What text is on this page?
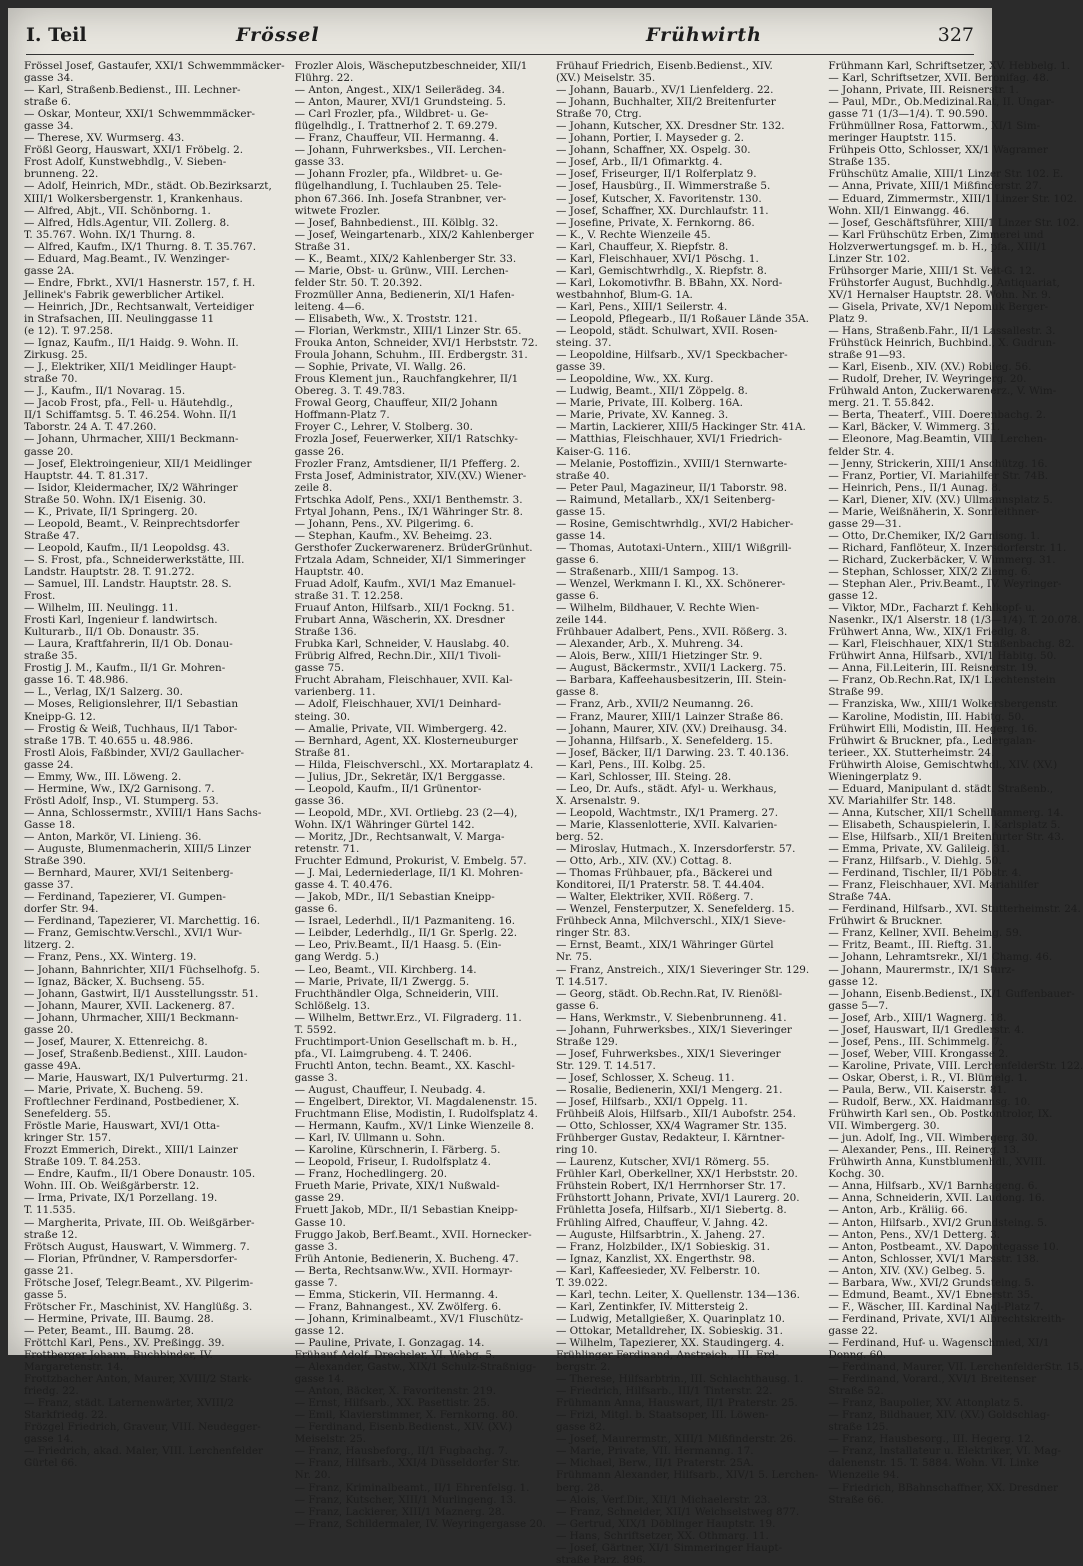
I. Teil	Frössel	Frühwirth	327
Frössel Josef, Gastaufer, XXI/1 Schwemmmäcker-
gasse 34.
— Karl, Straßenb.Bedienst., III. Lechner-
straße 6.
— Oskar, Monteur, XXI/1 Schwemmmäcker-
gasse 34.
— Therese, XV. Wurmserg. 43.
Frößl Georg, Hauswart, XXI/1 Fröbelg. 2.
Frost Adolf, Kunstwebhdlg., V. Sieben-
brunneng. 22.
— Adolf, Heinrich, MDr., städt. Ob.Bezirksarzt,
XIII/1 Wolkersbergenstr. 1, Krankenhaus.
— Alfred, Abjt., VII. Schönborng. 1.
— Alfred, Hdls.Agentur, VII. Zollerg. 8.
T. 35.767. Wohn. IX/1 Thurng. 8.
— Alfred, Kaufm., IX/1 Thurng. 8. T. 35.767.
— Eduard, Mag.Beamt., IV. Wenzinger-
gasse 2A.
— Endre, Fbrkt., XVI/1 Hasnerstr. 157, f. H.
Jellinek's Fabrik gewerblicher Artikel.
— Heinrich, JDr., Rechtsanwalt, Verteidiger
in Strafsachen, III. Neulinggasse 11
(e 12). T. 97.258.
— Ignaz, Kaufm., II/1 Haidg. 9. Wohn. II.
Zirkusg. 25.
— J., Elektriker, XII/1 Meidlinger Haupt-
straße 70.
— J., Kaufm., II/1 Novarag. 15.
— Jacob Frost, pfa., Fell- u. Häutehdlg.,
II/1 Schiffamtsg. 5. T. 46.254. Wohn. II/1
Taborstr. 24 A. T. 47.260.
— Johann, Uhrmacher, XIII/1 Beckmann-
gasse 20.
— Josef, Elektroingenieur, XII/1 Meidlinger
Hauptstr. 44. T. 81.317.
— Isidor, Kleidermacher, IX/2 Währinger
Straße 50. Wohn. IX/1 Eisenig. 30.
— K., Private, II/1 Springerg. 20.
— Leopold, Beamt., V. Reinprechtsdorfer
Straße 47.
— Leopold, Kaufm., II/1 Leopoldsg. 43.
— S. Frost, pfa., Schneiderwerkstätte, III.
Landstr. Hauptstr. 28. T. 91.272.
— Samuel, III. Landstr. Hauptstr. 28. S.
Frost.
— Wilhelm, III. Neulingg. 11.
Frosti Karl, Ingenieur f. landwirtsch.
Kulturarb., II/1 Ob. Donaustr. 35.
— Laura, Kraftfahrerin, II/1 Ob. Donau-
straße 35.
Frostig J. M., Kaufm., II/1 Gr. Mohren-
gasse 16. T. 48.986.
— L., Verlag, IX/1 Salzerg. 30.
— Moses, Religionslehrer, II/1 Sebastian
Kneipp-G. 12.
— Frostig & Weiß, Tuchhaus, II/1 Tabor-
straße 17B. T. 40.655 u. 48.986.
Frostl Alois, Faßbinder, XVI/2 Gaullacher-
gasse 24.
— Emmy, Ww., III. Löweng. 2.
— Hermine, Ww., IX/2 Garnisong. 7.
Fröstl Adolf, Insp., VI. Stumperg. 53.
— Anna, Schlossermstr., XVIII/1 Hans Sachs-
Gasse 18.
— Anton, Markör, VI. Linieng. 36.
— Auguste, Blumenmacherin, XIII/5 Linzer
Straße 390.
— Bernhard, Maurer, XVI/1 Seitenberg-
gasse 37.
— Ferdinand, Tapezierer, VI. Gumpen-
dorfer Str. 94.
— Ferdinand, Tapezierer, VI. Marchettig. 16.
— Franz, Gemischtw.Verschl., XVI/1 Wur-
litzerg. 2.
— Franz, Pens., XX. Winterg. 19.
— Johann, Bahnrichter, XII/1 Füchselhofg. 5.
— Ignaz, Bäcker, X. Buchseng. 55.
— Johann, Gastwirt, II/1 Ausstellungsstr. 51.
— Johann, Maurer, XVII. Lackenerg. 87.
— Johann, Uhrmacher, XIII/1 Beckmann-
gasse 20.
— Josef, Maurer, X. Ettenreichg. 8.
— Josef, Straßenb.Bedienst., XIII. Laudon-
gasse 49A.
— Marie, Hauswart, IX/1 Pulverturmg. 21.
— Marie, Private, X. Bucheng. 59.
Froftlechner Ferdinand, Postbediener, X.
Senefelderg. 55.
Fröstle Marie, Hauswart, XVI/1 Otta-
kringer Str. 157.
Frozzt Emmerich, Direkt., XIII/1 Lainzer
Straße 109. T. 84.253.
— Endre, Kaufm., II/1 Obere Donaustr. 105.
Wohn. III. Ob. Weißgärberstr. 12.
— Irma, Private, IX/1 Porzellang. 19.
T. 11.535.
— Margherita, Private, III. Ob. Weißgärber-
straße 12.
Frötsch August, Hauswart, V. Wimmerg. 7.
— Florian, Pfründner, V. Rampersdorfer-
gasse 21.
Frötsche Josef, Telegr.Beamt., XV. Pilgerim-
gasse 5.
Frötscher Fr., Maschinist, XV. Hanglüßg. 3.
— Hermine, Private, III. Baumg. 28.
— Peter, Beamt., III. Baumg. 28.
Fröttchl Karl, Pens., XV. Preßingg. 39.
Frottberger Johann, Buchbinder, IV.
Margaretenstr. 14.
Frottzbacher Anton, Maurer, XVIII/2 Stark-
friedg. 22.
— Franz, städt. Laternenwärter, XVIII/2
Starkfriedg. 22.
Frözgel Friedrich, Graveur, VIII. Neudegger-
gasse 14.
— Friedrich, akad. Maler, VIII. Lerchenfelder
Gürtel 66.
Frozler Alois, Wäscheputzbeschneider, XII/1
Flührg. 22.
— Anton, Angest., XIX/1 Seilerädeg. 34.
— Anton, Maurer, XVI/1 Grundsteing. 5.
— Carl Frozler, pfa., Wildbret- u. Ge-
flügelhdlg., I. Trattnerhof 2. T. 69.279.
— Franz, Chauffeur, VII. Hermanng. 4.
— Johann, Fuhrwerksbes., VII. Lerchen-
gasse 33.
— Johann Frozler, pfa., Wildbret- u. Ge-
flügelhandlung, I. Tuchlauben 25. Tele-
phon 67.366. Inh. Josefa Stranbner, ver-
witwete Frozler.
— Josef, Bahnbedienst., III. Kölblg. 32.
— Josef, Weingartenarb., XIX/2 Kahlenberger
Straße 31.
— K., Beamt., XIX/2 Kahlenberger Str. 33.
— Marie, Obst- u. Grünw., VIII. Lerchen-
felder Str. 50. T. 20.392.
Frozmüller Anna, Bedienerin, XI/1 Hafen-
leiteng. 4—6.
— Elisabeth, Ww., X. Troststr. 121.
— Florian, Werkmstr., XIII/1 Linzer Str. 65.
Frouka Anton, Schneider, XVI/1 Herbststr. 72.
Froula Johann, Schuhm., III. Erdbergstr. 31.
— Sophie, Private, VI. Wallg. 26.
Frous Klement jun., Rauchfangkehrer, II/1
Obereg. 3. T. 49.783.
Frowal Georg, Chauffeur, XII/2 Johann
Hoffmann-Platz 7.
Froyer C., Lehrer, V. Stolberg. 30.
Frozla Josef, Feuerwerker, XII/1 Ratschky-
gasse 26.
Frozler Franz, Amtsdiener, II/1 Pfefferg. 2.
Frsta Josef, Administrator, XIV.(XV.) Wiener-
zeile 8.
Frtschka Adolf, Pens., XXI/1 Benthemstr. 3.
Frtyal Johann, Pens., IX/1 Währinger Str. 8.
— Johann, Pens., XV. Pilgerimg. 6.
— Stephan, Kaufm., XV. Beheimg. 23.
Gersthofer Zuckerwarenerz. BrüderGrünhut.
Frtzala Adam, Schneider, XI/1 Simmeringer
Hauptstr. 40.
Fruad Adolf, Kaufm., XVI/1 Maz Emanuel-
straße 31. T. 12.258.
Fruauf Anton, Hilfsarb., XII/1 Fockng. 51.
Frubart Anna, Wäscherin, XX. Dresdner
Straße 136.
Frubka Karl, Schneider, V. Hauslabg. 40.
Frübrig Alfred, Rechn.Dir., XII/1 Tivoli-
gasse 75.
Frucht Abraham, Fleischhauer, XVII. Kal-
varienberg. 11.
— Adolf, Fleischhauer, XVI/1 Deinhard-
steing. 30.
— Amalie, Private, VII. Wimbergerg. 42.
— Bernhard, Agent, XX. Klosterneuburger
Straße 81.
— Hilda, Fleischverschl., XX. Mortaraplatz 4.
— Julius, JDr., Sekretär, IX/1 Berggasse.
— Leopold, Kaufm., II/1 Grünentor-
gasse 36.
— Leopold, MDr., XVI. Ortliebg. 23 (2—4),
Wohn. IX/1 Währinger Gürtel 142.
— Moritz, JDr., Rechtsanwalt, V. Marga-
retenstr. 71.
Fruchter Edmund, Prokurist, V. Embelg. 57.
— J. Mai, Lederniederlage, II/1 Kl. Mohren-
gasse 4. T. 40.476.
— Jakob, MDr., II/1 Sebastian Kneipp-
gasse 6.
— Israel, Lederhdl., II/1 Pazmaniteng. 16.
— Leibder, Lederhdlg., II/1 Gr. Sperlg. 22.
— Leo, Priv.Beamt., II/1 Haasg. 5. (Ein-
gang Werdg. 5.)
— Leo, Beamt., VII. Kirchberg. 14.
— Marie, Private, II/1 Zwergg. 5.
Fruchthändler Olga, Schneiderin, VIII.
Schlößelg. 13.
— Wilhelm, Bettwr.Erz., VI. Filgraderg. 11.
T. 5592.
Fruchtimport-Union Gesellschaft m. b. H.,
pfa., VI. Laimgrubeng. 4. T. 2406.
Fruchtl Anton, techn. Beamt., XX. Kaschl-
gasse 3.
— August, Chauffeur, I. Neubadg. 4.
— Engelbert, Direktor, VI. Magdalenenstr. 15.
Fruchtmann Elise, Modistin, I. Rudolfsplatz 4.
— Hermann, Kaufm., XV/1 Linke Wienzeile 8.
— Karl, IV. Ullmann u. Sohn.
— Karoline, Kürschnerin, I. Färberg. 5.
— Leopold, Friseur, I. Rudolfsplatz 4.
— Franz, Hochedlingerg. 20.
Frueth Marie, Private, XIX/1 Nußwald-
gasse 29.
Fruett Jakob, MDr., II/1 Sebastian Kneipp-
Gasse 10.
Fruggo Jakob, Berf.Beamt., XVII. Hornecker-
gasse 3.
Früh Antonie, Bedienerin, X. Bucheng. 47.
— Berta, Rechtsanw.Ww., XVII. Hormayr-
gasse 7.
— Emma, Stickerin, VII. Hermanng. 4.
— Franz, Bahnangest., XV. Zwölferg. 6.
— Johann, Kriminalbeamt., XV/1 Fluschütz-
gasse 12.
— Pauline, Private, I. Gonzagag. 14.
Frühauf Adolf, Drechsler, VI. Webg. 5.
— Alexander, Gastw., XIX/1 Schulz-Straßnigg-
gasse 14.
— Anton, Bäcker, X. Favoritenstr. 219.
— Ernst, Hilfsarb., XX. Pasettistr. 25.
— Emil, Klavierstimmer, X. Fernkorng. 80.
— Ferdinand, Eisenb.Bedienst., XIV. (XV.)
Meiselstr. 25.
— Franz, Hausbeforg., II/1 Fugbachg. 7.
— Franz, Hilfsarb., XXI/4 Düsseldorfer Str.
Nr. 20.
— Franz, Kriminalbeamt., II/1 Ehrenfelsg. 1.
— Franz, Kutscher, XIII/1 Murlingeng. 13.
— Franz, Lackierer, XIII/1 Maznerg. 28.
— Franz, Schildermaler, IV. Weyringergasse 20.
Frühauf Friedrich, Eisenb.Bedienst., XIV.
(XV.) Meiselstr. 35.
— Johann, Bauarb., XV/1 Lienfelderg. 22.
— Johann, Buchhalter, XII/2 Breitenfurter
Straße 70, Ctrg.
— Johann, Kutscher, XX. Dresdner Str. 132.
— Johann, Portier, I. Mayseder g. 2.
— Johann, Schaffner, XX. Ospelg. 30.
— Josef, Arb., II/1 Ofimarktg. 4.
— Josef, Friseurger, II/1 Rolferplatz 9.
— Josef, Hausbürg., II. Wimmerstraße 5.
— Josef, Kutscher, X. Favoritenstr. 130.
— Josef, Schaffner, XX. Durchlaufstr. 11.
— Josefine, Private, X. Fernkorng. 86.
— K., V. Rechte Wienzeile 45.
— Karl, Chauffeur, X. Riepfstr. 8.
— Karl, Fleischhauer, XVI/1 Pöschg. 1.
— Karl, Gemischtwrhdlg., X. Riepfstr. 8.
— Karl, Lokomotivfhr. B. BBahn, XX. Nord-
westbahnhof, Blum-G. 1A.
— Karl, Pens., XIII/1 Seilerstr. 4.
— Leopold, Pflegearb., II/1 Roßauer Lände 35A.
— Leopold, städt. Schulwart, XVII. Rosen-
steing. 37.
— Leopoldine, Hilfsarb., XV/1 Speckbacher-
gasse 39.
— Leopoldine, Ww., XX. Kurg.
— Ludwig, Beamt., XII/1 Zöppelg. 8.
— Marie, Private, III. Kolberg. 16A.
— Marie, Private, XV. Kanneg. 3.
— Martin, Lackierer, XIII/5 Hackinger Str. 41A.
— Matthias, Fleischhauer, XVI/1 Friedrich-
Kaiser-G. 116.
— Melanie, Postoffizin., XVIII/1 Sternwarte-
straße 40.
— Peter Paul, Magazineur, II/1 Taborstr. 98.
— Raimund, Metallarb., XX/1 Seitenberg-
gasse 15.
— Rosine, Gemischtwrhdlg., XVI/2 Habicher-
gasse 14.
— Thomas, Autotaxi-Untern., XIII/1 Wißgrill-
gasse 6.
— Straßenarb., XIII/1 Sampog. 13.
— Wenzel, Werkmann I. Kl., XX. Schönerer-
gasse 6.
— Wilhelm, Bildhauer, V. Rechte Wien-
zeile 144.
Frühbauer Adalbert, Pens., XVII. Rößerg. 3.
— Alexander, Arb., X. Muhreng. 34.
— Alois, Berw., XIII/1 Hietzinger Str. 9.
— August, Bäckermstr., XVII/1 Lackerg. 75.
— Barbara, Kaffeehausbesitzerin, III. Stein-
gasse 8.
— Franz, Arb., XVII/2 Neumanng. 26.
— Franz, Maurer, XIII/1 Lainzer Straße 86.
— Johann, Maurer, XIV. (XV.) Dreihausg. 34.
— Johanna, Hilfsarb., X. Senefelderg. 15.
— Josef, Bäcker, II/1 Darwing. 23. T. 40.136.
— Karl, Pens., III. Kolbg. 25.
— Karl, Schlosser, III. Steing. 28.
— Leo, Dr. Aufs., städt. Afyl- u. Werkhaus,
X. Arsenalstr. 9.
— Leopold, Wachtmstr., IX/1 Pramerg. 27.
— Marie, Klassenlotterie, XVII. Kalvarien-
berg. 52.
— Miroslav, Hutmach., X. Inzersdorferstr. 57.
— Otto, Arb., XIV. (XV.) Cottag. 8.
— Thomas Frühbauer, pfa., Bäckerei und
Konditorei, II/1 Praterstr. 58. T. 44.404.
— Walter, Elektriker, XVII. Rößerg. 7.
— Wenzel, Fensterputzer, X. Senefelderg. 15.
Frühbeck Anna, Milchverschl., XIX/1 Sieve-
ringer Str. 83.
— Ernst, Beamt., XIX/1 Währinger Gürtel
Nr. 75.
— Franz, Anstreich., XIX/1 Sieveringer Str. 129.
T. 14.517.
— Georg, städt. Ob.Rechn.Rat, IV. Rienößl-
gasse 6.
— Hans, Werkmstr., V. Siebenbrunneng. 41.
— Johann, Fuhrwerksbes., XIX/1 Sieveringer
Straße 129.
— Josef, Fuhrwerksbes., XIX/1 Sieveringer
Str. 129. T. 14.517.
— Josef, Schlosser, X. Scheug. 11.
— Rosalie, Bedienerin, XXI/1 Mengerg. 21.
— Josef, Hilfsarb., XXI/1 Oppelg. 11.
Frühbeiß Alois, Hilfsarb., XII/1 Aubofstr. 254.
— Otto, Schlosser, XX/4 Wagramer Str. 135.
Frühberger Gustav, Redakteur, I. Kärntner-
ring 10.
— Laurenz, Kutscher, XVI/1 Römerg. 55.
Frühler Karl, Oberkellner, XX/1 Herbststr. 20.
Frühstein Robert, IX/1 Herrnhorser Str. 17.
Frühstortt Johann, Private, XVI/1 Laurerg. 20.
Frühletta Josefa, Hilfsarb., XI/1 Siebertg. 8.
Frühling Alfred, Chauffeur, V. Jahng. 42.
— Auguste, Hilfsarbtrin., X. Jaheng. 27.
— Franz, Holzbilder., IX/1 Sobieskig. 31.
— Ignaz, Kanzlist, XX. Engerthstr. 98.
— Karl, Kaffeesieder, XV. Felberstr. 10.
T. 39.022.
— Karl, techn. Leiter, X. Quellenstr. 134—136.
— Karl, Zentinkfer, IV. Mittersteig 2.
— Ludwig, Metallgießer, X. Quarinplatz 10.
— Ottokar, Metalldreher, IX. Sobieskig. 31.
— Wilhelm, Tapezierer, XX. Staudingerg. 4.
Frühlinger Ferdinand, Anstreich., III. Erd-
bergstr. 2.
— Therese, Hilfsarbtrin., III. Schlachthausg. 1.
— Friedrich, Hilfsarb., III/1 Tinterstr. 22.
Frühmann Anna, Hauswart, II/1 Praterstr. 25.
— Frizi, Mitgl. b. Staatsoper, III. Löwen-
gasse 82.
— Josef, Maurermstr., XIII/1 Mißfinderstr. 26.
— Marie, Private, VII. Hermanng. 17.
— Michael, Berw., II/1 Praterstr. 25A.
Frühmann Alexander, Hilfsarb., XIV/1 5. Lerchen-
berg. 28.
— Alois, Verf.Dir., XII/1 Michaelerstr. 23.
— Franz, Schneider, XII/1 Weichselstweg 877.
— Gertrud, XIX/1 Döblinger Hauptstr. 19.
— Hans, Schriftsetzer, XX. Othmarg. 11.
— Josef, Gärtner, XI/1 Simmeringer Haupt-
straße Parz. 896.
Frühmann Karl, Schriftsetzer, XV. Hebbelg. 1.
— Karl, Schriftsetzer, XVII. Beronifag. 48.
— Johann, Private, III. Reisnerstr. 1.
— Paul, MDr., Ob.Medizinal.Rat, II. Ungar-
gasse 71 (1/3—1/4). T. 90.590.
Frühmüllner Rosa, Fattorwm., XI/1 Sim-
meringer Hauptstr. 115.
Frühpeis Otto, Schlosser, XX/1 Wagramer
Straße 135.
Frühschütz Amalie, XIII/1 Linzer Str. 102. E.
— Anna, Private, XIII/1 Mißfinderstr. 27.
— Eduard, Zimmermstr., XIII/1 Linzer Str. 102.
Wohn. XII/1 Einwangg. 46.
— Josef, Geschäftsführer, XIII/1 Linzer Str. 102.
— Karl Frühschütz Erben, Zimmerei und
Holzverwertungsgef. m. b. H., pfa., XIII/1
Linzer Str. 102.
Frühsorger Marie, XIII/1 St. Veit-G. 12.
Frühstorfer August, Buchhdlg., Antiquariat,
XV/1 Hernalser Hauptstr. 28. Wohn. Nr. 9.
— Gisela, Private, XV/1 Nepomuk Berger-
Platz 9.
— Hans, Straßenb.Fahr., II/1 Lassallestr. 3.
Frühstück Heinrich, Buchbind., X. Gudrun-
straße 91—93.
— Karl, Eisenb., XIV. (XV.) Robileg. 56.
— Rudolf, Dreher, IV. Weyringerg. 20.
Frühwald Anton, Zuckerwarenerz., V. Wim-
merg. 21. T. 55.842.
— Berta, Theaterf., VIII. Doerenbachg. 2.
— Karl, Bäcker, V. Wimmerg. 31.
— Eleonore, Mag.Beamtin, VIII. Lerchen-
felder Str. 4.
— Jenny, Strickerin, XIII/1 Anschützg. 16.
— Franz, Portier, VI. Mariahilfer Str. 74B.
— Heinrich, Pens., II/1 Aunag. 8.
— Karl, Diener, XIV. (XV.) Ullmannsplatz 5.
— Marie, Weißnäherin, X. Sonnleithner-
gasse 29—31.
— Otto, Dr.Chemiker, IX/2 Garnisong. 1.
— Richard, Fanflöteur, X. Inzersdorferstr. 11.
— Richard, Zuckerbäcker, V. Wimmerg. 31.
— Stephan, Schlosser, XIX/2 Ziemg. 6.
— Stephan Aler., Priv.Beamt., IV. Weyringer-
gasse 12.
— Viktor, MDr., Facharzt f. Kehlkopf- u.
Nasenkr., IX/1 Alserstr. 18 (1/3—1/4). T. 20.078.
Frühwert Anna, Ww., XIX/1 Friedlg. 8.
— Karl, Fleischhauer, XIX/1 Straßenbachg. 82.
Frühwirt Anna, Hilfsarb., XVI/1 Habitg. 50.
— Anna, Fil.Leiterin, III. Reisnerstr. 19.
— Franz, Ob.Rechn.Rat, IX/1 Liechtenstein
Straße 99.
— Franziska, Ww., XIII/1 Wolkersbergenstr.
— Karoline, Modistin, III. Habitg. 50.
Frühwirt Elli, Modistin, III. Hegerg. 16.
Frühwirt & Bruckner, pfa., Ledergalan-
terieer., XX. Stutterheimstr. 24.
Frühwirth Aloise, Gemischtwhdl., XIV. (XV.)
Wieningerplatz 9.
— Eduard, Manipulant d. städt. Straßenb.,
XV. Mariahilfer Str. 148.
— Anna, Kutscher, XII/1 Schellhammerg. 14.
— Elisabeth, Schauspielerin, I. Karlsplatz 5.
— Else, Hilfsarb., XII/1 Breitenfurter Str. 43.
— Emma, Private, XV. Galileig. 31.
— Franz, Hilfsarb., V. Diehlg. 50.
— Ferdinand, Tischler, II/1 Pöbstr. 4.
— Franz, Fleischhauer, XVI. Mariahilfer
Straße 74A.
— Ferdinand, Hilfsarb., XVI. Stutterheimstr. 24.
Frühwirt & Bruckner.
— Franz, Kellner, XVII. Beheimg. 59.
— Fritz, Beamt., III. Rieftg. 31.
— Johann, Lehramtsrekr., XI/1 Chamg. 46.
— Johann, Maurermstr., IX/1 Sturz-
gasse 12.
— Johann, Eisenb.Bedienst., IX/1 Guffenbauer-
gasse 5—7.
— Josef, Arb., XIII/1 Wagnerg. 18.
— Josef, Hauswart, II/1 Gredlerstr. 4.
— Josef, Pens., III. Schimmelg. 7.
— Josef, Weber, VIII. Krongasse 2.
— Karoline, Private, VIII. LerchenfelderStr. 122.
— Oskar, Oberst, i. R., VI. Blümelg. 1.
— Paula, Berw., VII. Kaiserstr. 81.
— Rudolf, Berw., XX. Haidmannsg. 10.
Frühwirth Karl sen., Ob. Postkontrolor, IX.
VII. Wimbergerg. 30.
— jun. Adolf, Ing., VII. Wimbergerg. 30.
— Alexander, Pens., III. Reinerg. 13.
Frühwirth Anna, Kunstblumenhdl., XVIII.
Kochg. 30.
— Anna, Hilfsarb., XV/1 Barnhageng. 6.
— Anna, Schneiderin, XVII. Laudong. 16.
— Anton, Arb., Kräliig. 66.
— Anton, Hilfsarb., XVI/2 Grundsteing. 5.
— Anton, Pens., XV/1 Detterg. 3.
— Anton, Postbeamt., XV. Dapontegasse 10.
— Anton, Schlosser, XVI/1 Marsstr. 138.
— Anton, XIV. (XV.) Gelbeg. 5.
— Barbara, Ww., XVI/2 Grundsteing. 5.
— Edmund, Beamt., XV/1 Ebnerstr. 35.
— F., Wäscher, III. Kardinal Nagl-Platz 7.
— Ferdinand, Private, XVI/1 Albrechtskreith-
gasse 22.
— Ferdinand, Huf- u. Wagenschmied, XI/1
Donng. 60.
— Ferdinand, Maurer, VII. LerchenfelderStr. 15.
— Ferdinand, Vorard., XVI/1 Breitenser
Straße 52.
— Franz, Baupolier, XV. Attonplatz 5.
— Franz, Bildhauer, XIV. (XV.) Goldschlag-
straße 125.
— Franz, Hausbesorg., III. Hegerg. 12.
— Franz, Installateur u. Elektriker, VI. Mag-
dalenenstr. 15. T. 5884. Wohn. VI. Linke
Wienzeile 94.
— Friedrich, BBahnschaffner, XX. Dresdner
Straße 66.
